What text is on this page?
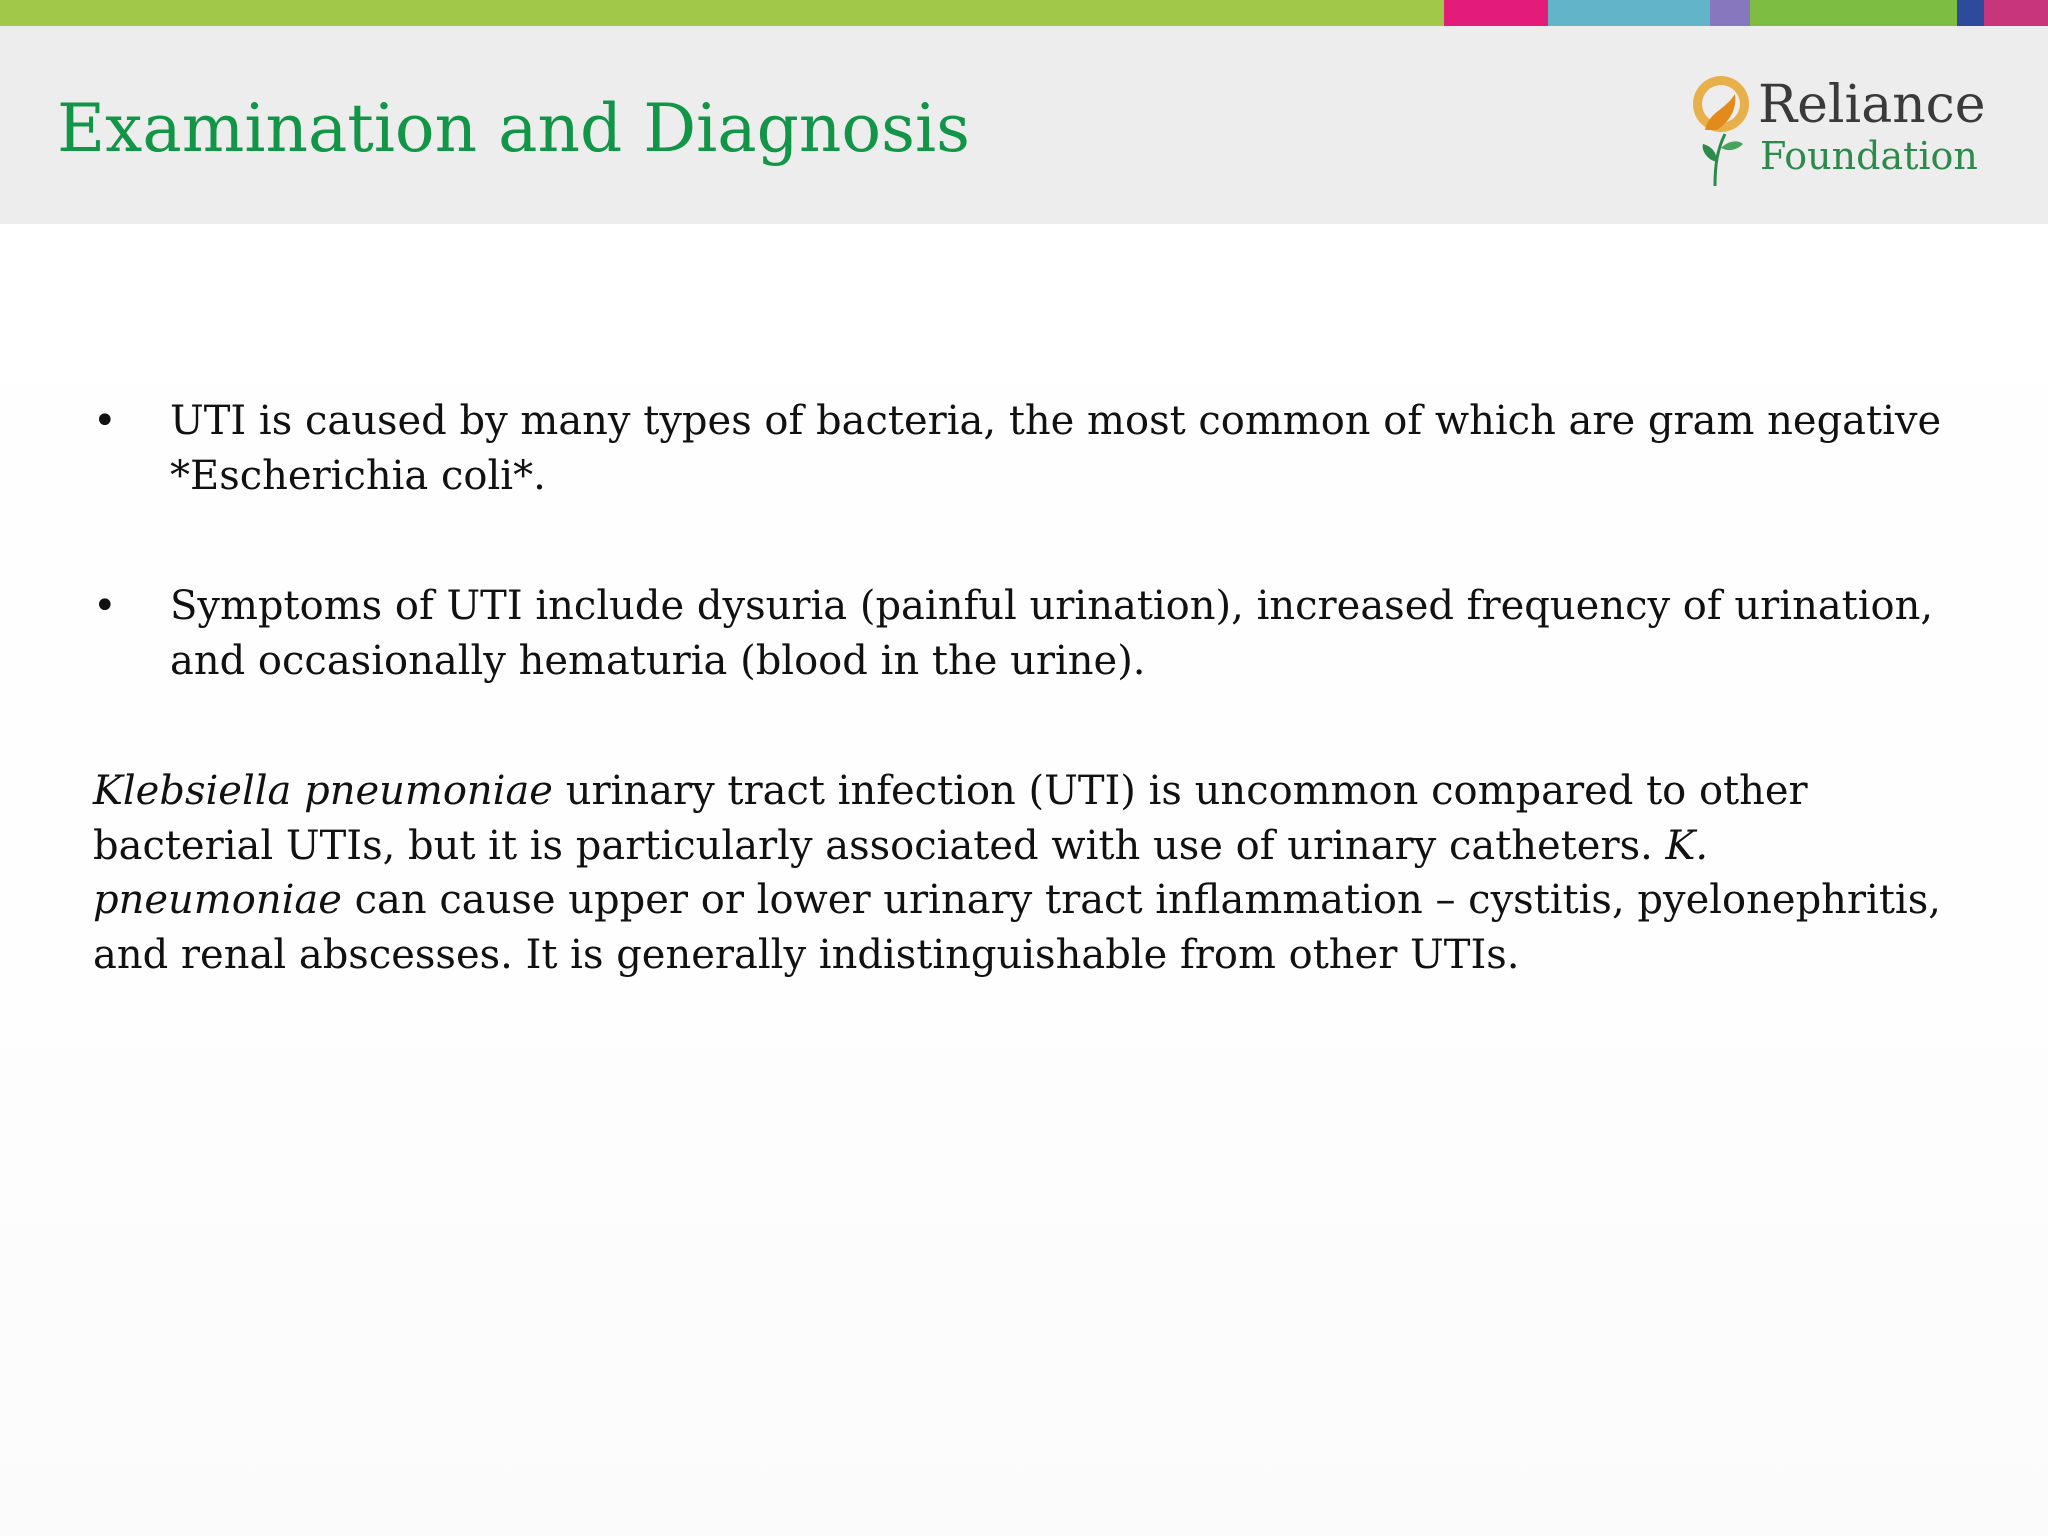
Examination and Diagnosis	Reliance
Foundation
• UTI is caused by many types of bacteria, the most common of which are gram negative *Escherichia coli*.
• Symptoms of UTI include dysuria (painful urination), increased frequency of urination, and occasionally hematuria (blood in the urine).

Klebsiella pneumoniae urinary tract infection (UTI) is uncommon compared to other bacterial UTIs, but it is particularly associated with use of urinary catheters. K. pneumoniae can cause upper or lower urinary tract inflammation – cystitis, pyelonephritis, and renal abscesses. It is generally indistinguishable from other UTIs.
